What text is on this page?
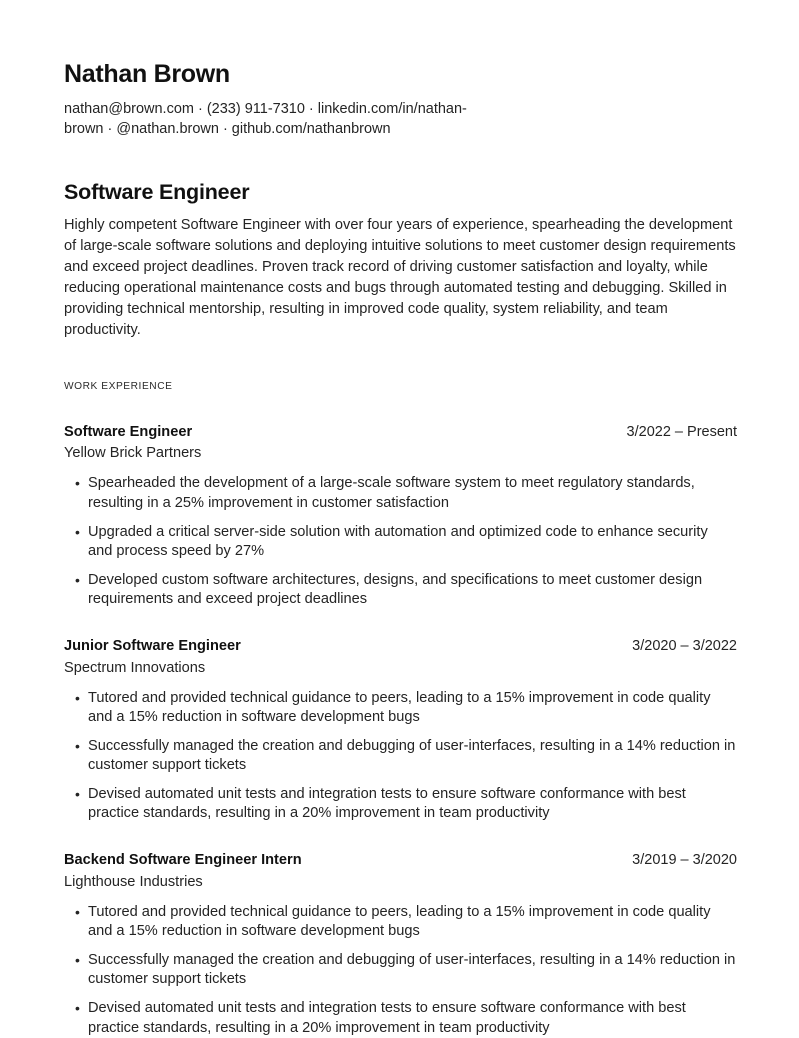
Nathan Brown

nathan@brown.com · (233) 911-7310 · linkedin.com/in/nathan-brown · @nathan.brown · github.com/nathanbrown

Software Engineer

Highly competent Software Engineer with over four years of experience, spearheading the development of large-scale software solutions and deploying intuitive solutions to meet customer design requirements and exceed project deadlines. Proven track record of driving customer satisfaction and loyalty, while reducing operational maintenance costs and bugs through automated testing and debugging. Skilled in providing technical mentorship, resulting in improved code quality, system reliability, and team productivity.

WORK EXPERIENCE
Software Engineer	3/2022 – Present
Yellow Brick Partners
• Spearheaded the development of a large-scale software system to meet regulatory standards, resulting in a 25% improvement in customer satisfaction
• Upgraded a critical server-side solution with automation and optimized code to enhance security and process speed by 27%
• Developed custom software architectures, designs, and specifications to meet customer design requirements and exceed project deadlines
Junior Software Engineer	3/2020 – 3/2022
Spectrum Innovations
• Tutored and provided technical guidance to peers, leading to a 15% improvement in code quality and a 15% reduction in software development bugs
• Successfully managed the creation and debugging of user-interfaces, resulting in a 14% reduction in customer support tickets
• Devised automated unit tests and integration tests to ensure software conformance with best practice standards, resulting in a 20% improvement in team productivity
Backend Software Engineer Intern	3/2019 – 3/2020
Lighthouse Industries
• Tutored and provided technical guidance to peers, leading to a 15% improvement in code quality and a 15% reduction in software development bugs
• Successfully managed the creation and debugging of user-interfaces, resulting in a 14% reduction in customer support tickets
• Devised automated unit tests and integration tests to ensure software conformance with best practice standards, resulting in a 20% improvement in team productivity
